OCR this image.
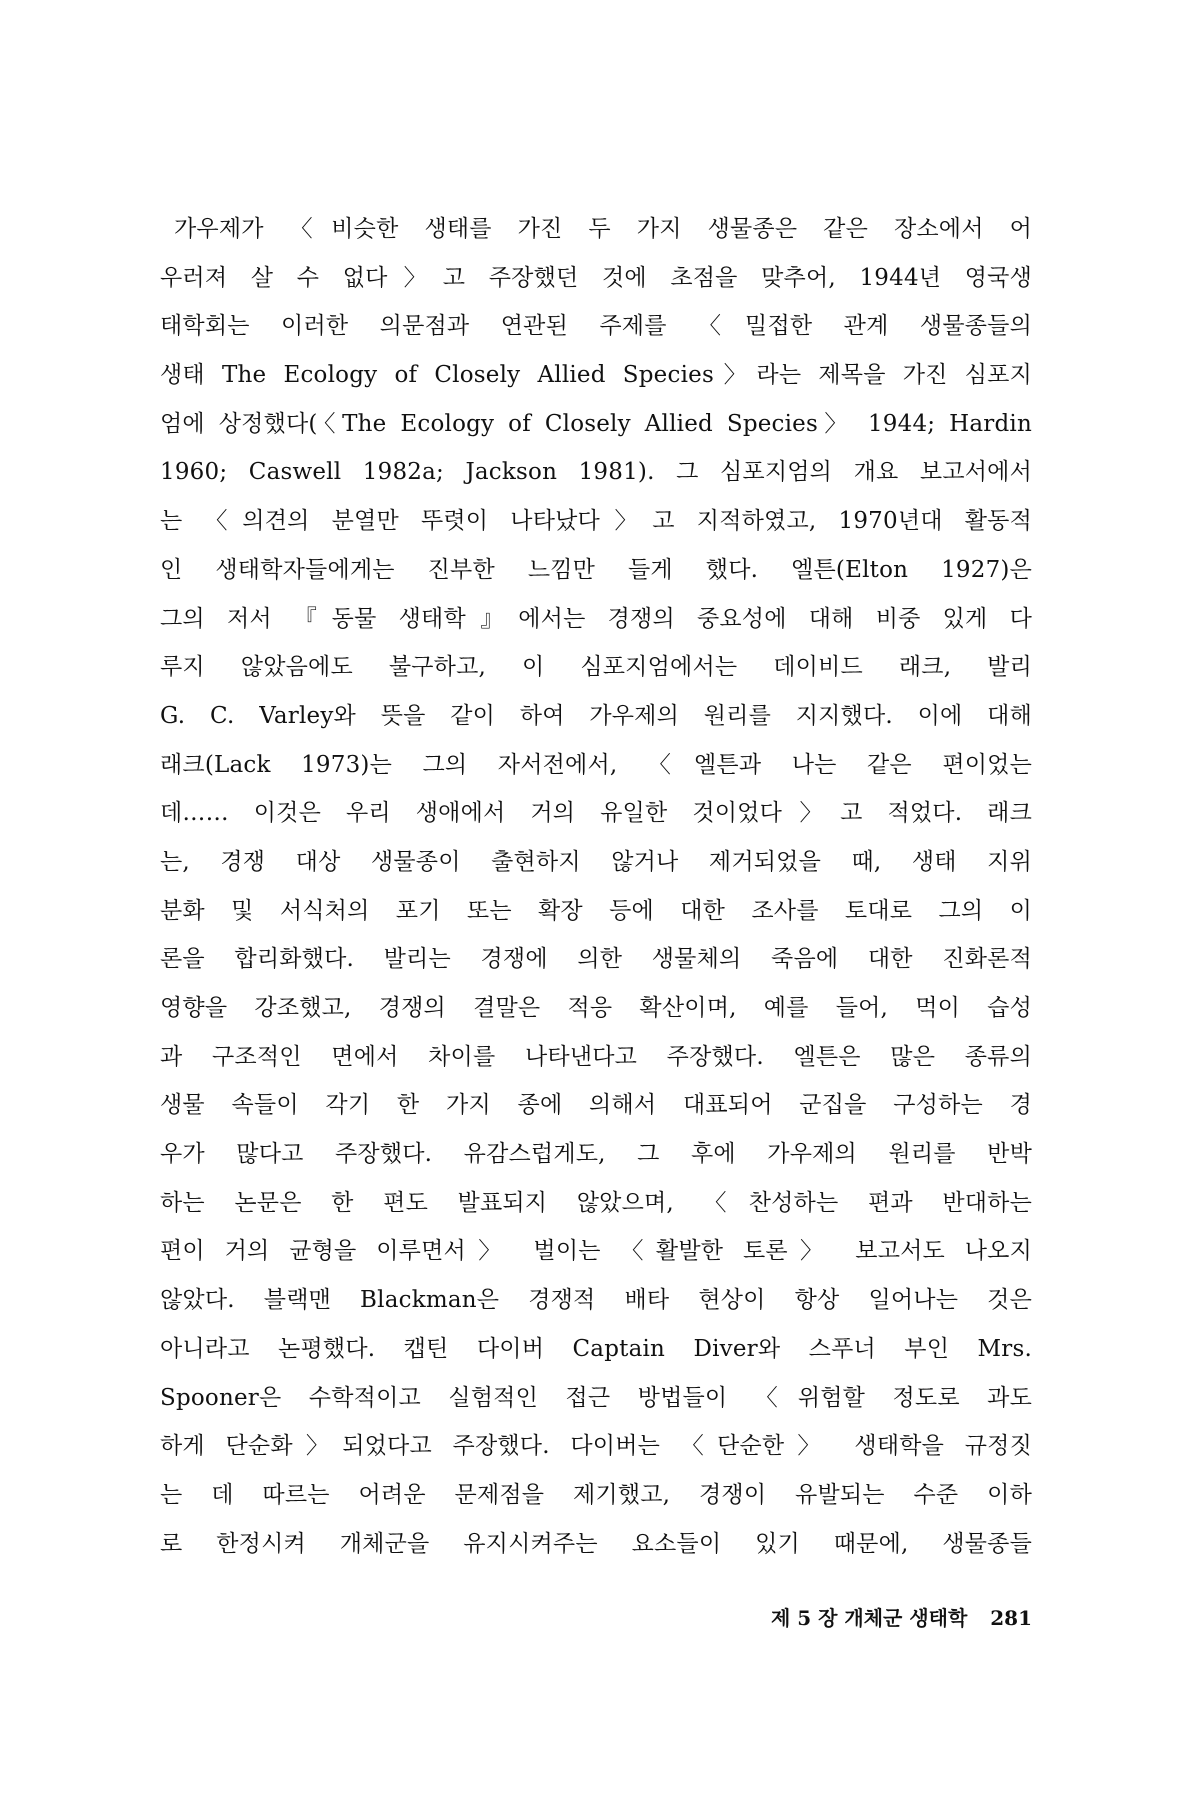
가우제가 〈비슷한 생태를 가진 두 가지 생물종은 같은 장소에서 어
우러져 살 수 없다〉고 주장했던 것에 초점을 맞추어, 1944년 영국생
태학회는 이러한 의문점과 연관된 주제를 〈밀접한 관계 생물종들의
생태 The Ecology of Closely Allied Species〉라는 제목을 가진 심포지
엄에 상정했다(〈The Ecology of Closely Allied Species〉 1944; Hardin
1960; Caswell 1982a; Jackson 1981). 그 심포지엄의 개요 보고서에서
는 〈의견의 분열만 뚜렷이 나타났다〉고 지적하였고, 1970년대 활동적
인 생태학자들에게는 진부한 느낌만 들게 했다. 엘튼(Elton 1927)은
그의 저서 『동물 생태학』에서는 경쟁의 중요성에 대해 비중 있게 다
루지 않았음에도 불구하고, 이 심포지엄에서는 데이비드 래크, 발리
G. C. Varley와 뜻을 같이 하여 가우제의 원리를 지지했다. 이에 대해
래크(Lack 1973)는 그의 자서전에서, 〈엘튼과 나는 같은 편이었는
데…… 이것은 우리 생애에서 거의 유일한 것이었다〉고 적었다. 래크
는, 경쟁 대상 생물종이 출현하지 않거나 제거되었을 때, 생태 지위
분화 및 서식처의 포기 또는 확장 등에 대한 조사를 토대로 그의 이
론을 합리화했다. 발리는 경쟁에 의한 생물체의 죽음에 대한 진화론적
영향을 강조했고, 경쟁의 결말은 적응 확산이며, 예를 들어, 먹이 습성
과 구조적인 면에서 차이를 나타낸다고 주장했다. 엘튼은 많은 종류의
생물 속들이 각기 한 가지 종에 의해서 대표되어 군집을 구성하는 경
우가 많다고 주장했다. 유감스럽게도, 그 후에 가우제의 원리를 반박
하는 논문은 한 편도 발표되지 않았으며, 〈찬성하는 편과 반대하는
편이 거의 균형을 이루면서〉 벌이는 〈활발한 토론〉 보고서도 나오지
않았다. 블랙맨 Blackman은 경쟁적 배타 현상이 항상 일어나는 것은
아니라고 논평했다. 캡틴 다이버 Captain Diver와 스푸너 부인 Mrs.
Spooner은 수학적이고 실험적인 접근 방법들이 〈위험할 정도로 과도
하게 단순화〉되었다고 주장했다. 다이버는 〈단순한〉 생태학을 규정짓
는 데 따르는 어려운 문제점을 제기했고, 경쟁이 유발되는 수준 이하
로 한정시켜 개체군을 유지시켜주는 요소들이 있기 때문에, 생물종들
제 5 장 개체군 생태학 281
